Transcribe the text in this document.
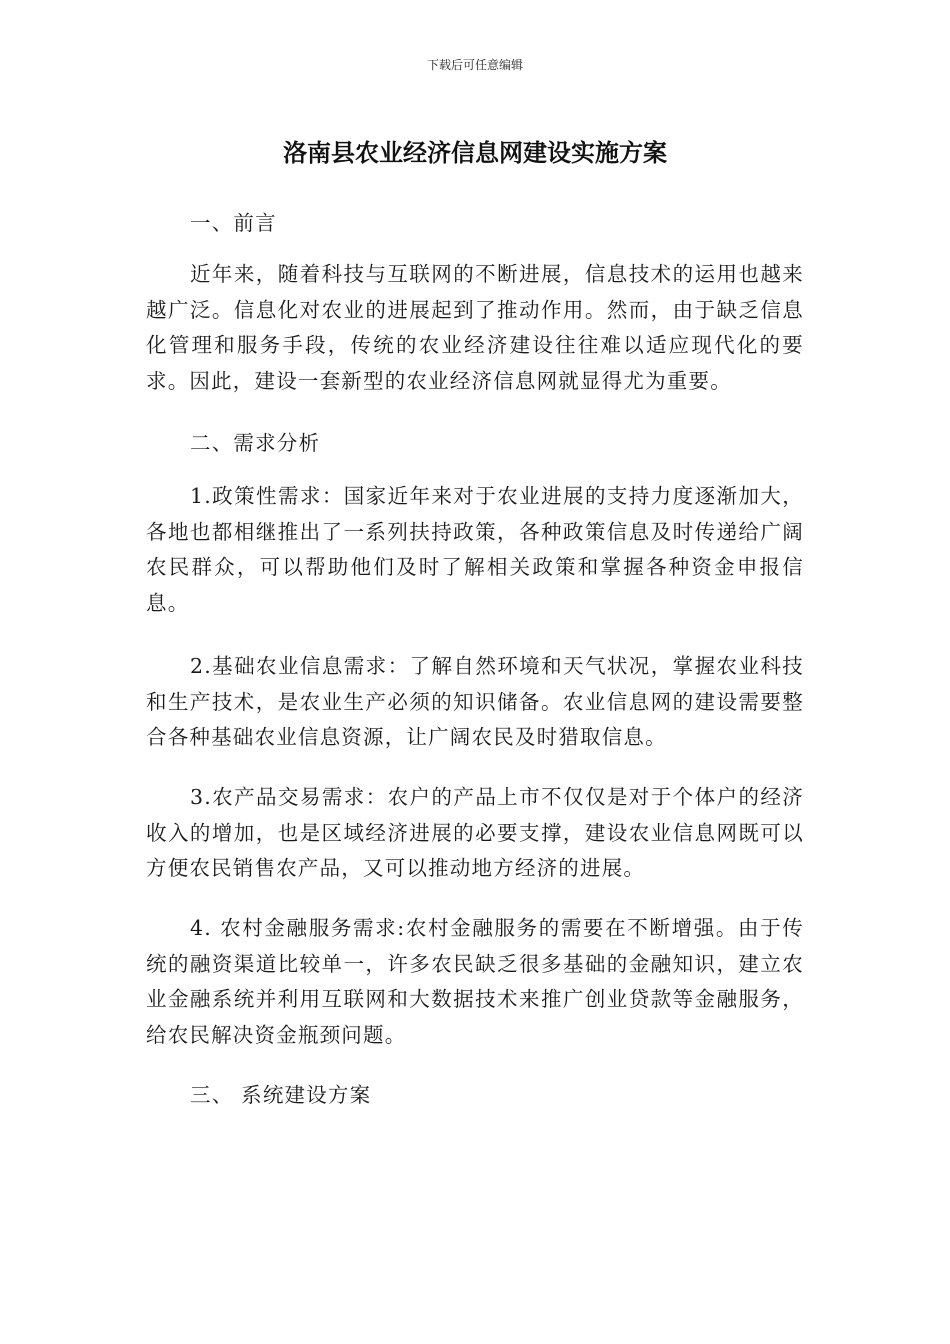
下载后可任意编辑
洛南县农业经济信息网建设实施方案

一、前言

近年来，随着科技与互联网的不断进展，信息技术的运用也越来越广泛。信息化对农业的进展起到了推动作用。然而，由于缺乏信息化管理和服务手段，传统的农业经济建设往往难以适应现代化的要求。因此，建设一套新型的农业经济信息网就显得尤为重要。

二、需求分析

1.政策性需求：国家近年来对于农业进展的支持力度逐渐加大，各地也都相继推出了一系列扶持政策，各种政策信息及时传递给广阔农民群众，可以帮助他们及时了解相关政策和掌握各种资金申报信息。

2.基础农业信息需求：了解自然环境和天气状况，掌握农业科技和生产技术，是农业生产必须的知识储备。农业信息网的建设需要整合各种基础农业信息资源，让广阔农民及时猎取信息。

3.农产品交易需求：农户的产品上市不仅仅是对于个体户的经济收入的增加，也是区域经济进展的必要支撑，建设农业信息网既可以方便农民销售农产品，又可以推动地方经济的进展。

4. 农村金融服务需求:农村金融服务的需要在不断增强。由于传统的融资渠道比较单一，许多农民缺乏很多基础的金融知识，建立农业金融系统并利用互联网和大数据技术来推广创业贷款等金融服务，给农民解决资金瓶颈问题。

三、 系统建设方案
